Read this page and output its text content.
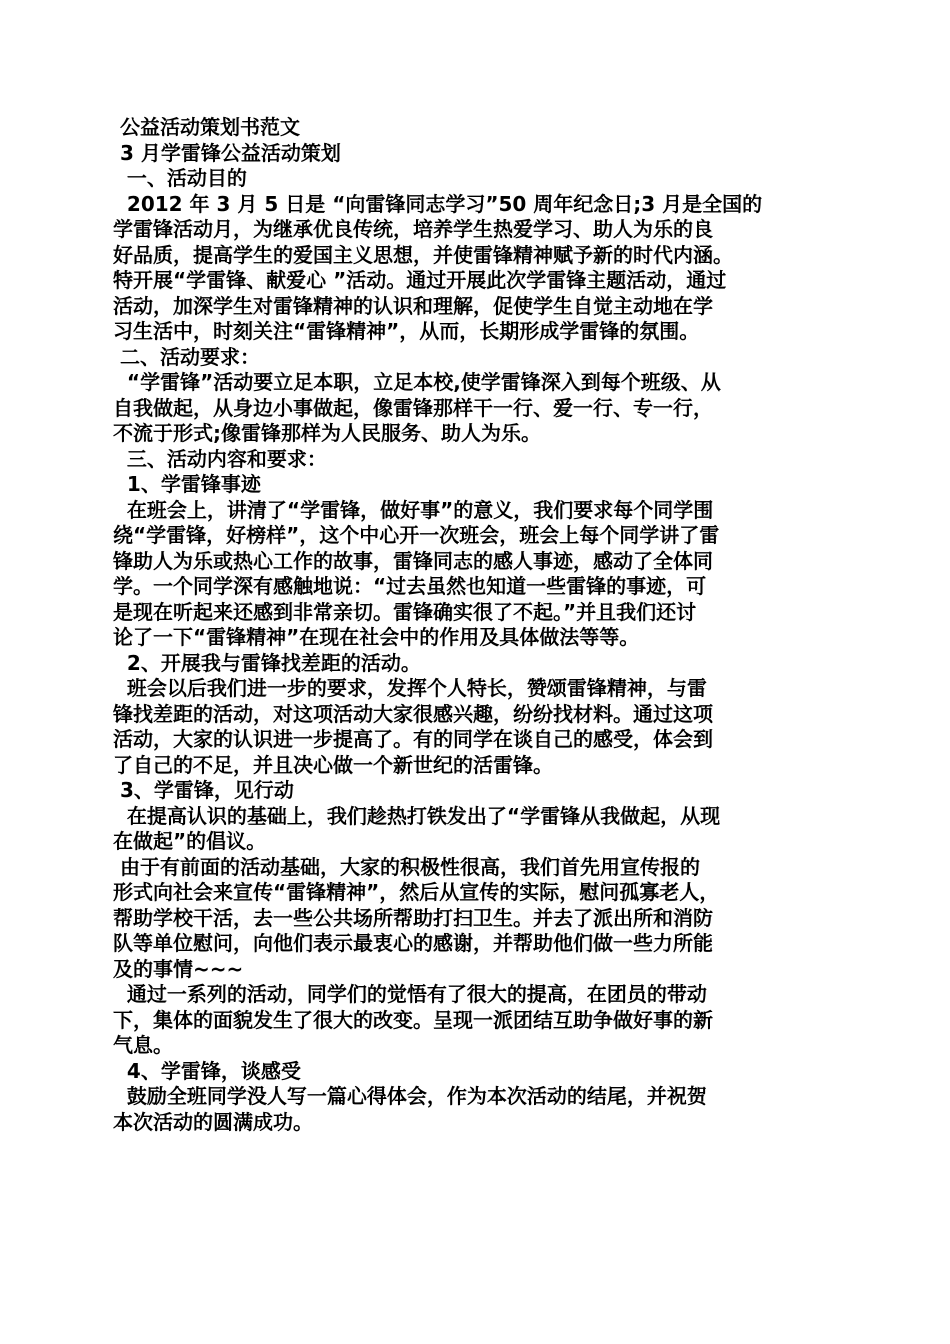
公益活动策划书范文
3 月学雷锋公益活动策划
一、活动目的
2012 年 3 月 5 日是 “向雷锋同志学习”50 周年纪念日;3 月是全国的
学雷锋活动月，为继承优良传统，培养学生热爱学习、助人为乐的良
好品质，提高学生的爱国主义思想，并使雷锋精神赋予新的时代内涵。
特开展“学雷锋、献爱心 ”活动。通过开展此次学雷锋主题活动，通过
活动，加深学生对雷锋精神的认识和理解，促使学生自觉主动地在学
习生活中，时刻关注“雷锋精神”，从而，长期形成学雷锋的氛围。
二、活动要求：
“学雷锋”活动要立足本职，立足本校,使学雷锋深入到每个班级、从
自我做起，从身边小事做起，像雷锋那样干一行、爱一行、专一行，
不流于形式;像雷锋那样为人民服务、助人为乐。
三、活动内容和要求：
1、学雷锋事迹
在班会上，讲清了“学雷锋，做好事”的意义，我们要求每个同学围
绕“学雷锋，好榜样”，这个中心开一次班会，班会上每个同学讲了雷
锋助人为乐或热心工作的故事，雷锋同志的感人事迹，感动了全体同
学。一个同学深有感触地说：“过去虽然也知道一些雷锋的事迹，可
是现在听起来还感到非常亲切。雷锋确实很了不起。”并且我们还讨
论了一下“雷锋精神”在现在社会中的作用及具体做法等等。
2、开展我与雷锋找差距的活动。
班会以后我们进一步的要求，发挥个人特长，赞颂雷锋精神，与雷
锋找差距的活动，对这项活动大家很感兴趣，纷纷找材料。通过这项
活动，大家的认识进一步提高了。有的同学在谈自己的感受，体会到
了自己的不足，并且决心做一个新世纪的活雷锋。
3、学雷锋，见行动
在提高认识的基础上，我们趁热打铁发出了“学雷锋从我做起，从现
在做起”的倡议。
由于有前面的活动基础，大家的积极性很高，我们首先用宣传报的
形式向社会来宣传“雷锋精神”，然后从宣传的实际，慰问孤寡老人，
帮助学校干活，去一些公共场所帮助打扫卫生。并去了派出所和消防
队等单位慰问，向他们表示最衷心的感谢，并帮助他们做一些力所能
及的事情~~~
通过一系列的活动，同学们的觉悟有了很大的提高，在团员的带动
下，集体的面貌发生了很大的改变。呈现一派团结互助争做好事的新
气息。
4、学雷锋，谈感受
鼓励全班同学没人写一篇心得体会，作为本次活动的结尾，并祝贺
本次活动的圆满成功。
